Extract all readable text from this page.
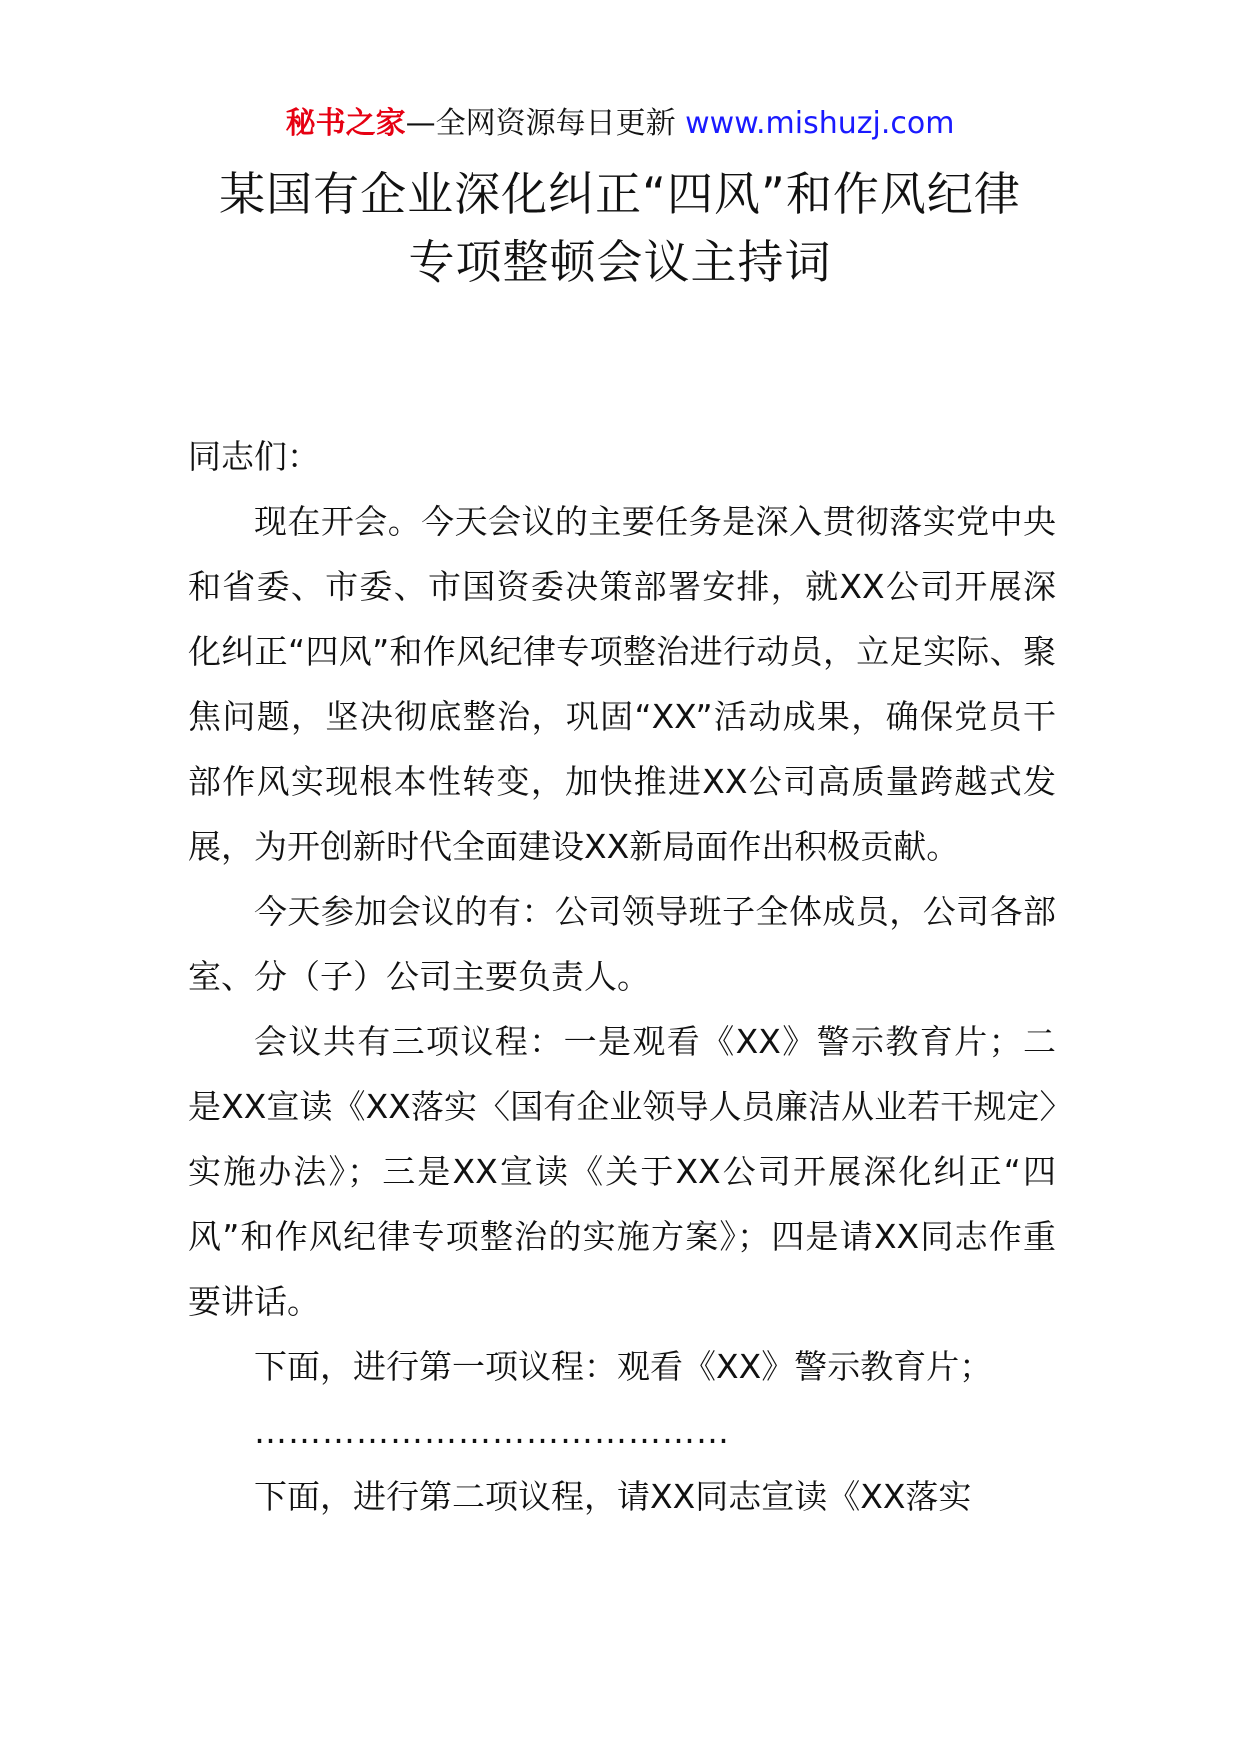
秘书之家—全网资源每日更新 www.mishuzj.com
某国有企业深化纠正“四风”和作风纪律
专项整顿会议主持词

同志们：

现在开会。今天会议的主要任务是深入贯彻落实党中央和省委、市委、市国资委决策部署安排，就XX公司开展深化纠正“四风”和作风纪律专项整治进行动员，立足实际、聚焦问题，坚决彻底整治，巩固“XX”活动成果，确保党员干部作风实现根本性转变，加快推进XX公司高质量跨越式发展，为开创新时代全面建设XX新局面作出积极贡献。

今天参加会议的有：公司领导班子全体成员，公司各部室、分（子）公司主要负责人。

会议共有三项议程：一是观看《XX》警示教育片；二是XX宣读《XX落实〈国有企业领导人员廉洁从业若干规定〉实施办法》；三是XX宣读《关于XX公司开展深化纠正“四风”和作风纪律专项整治的实施方案》；四是请XX同志作重要讲话。

下面，进行第一项议程：观看《XX》警示教育片；

……………………………………

下面，进行第二项议程，请XX同志宣读《XX落实
